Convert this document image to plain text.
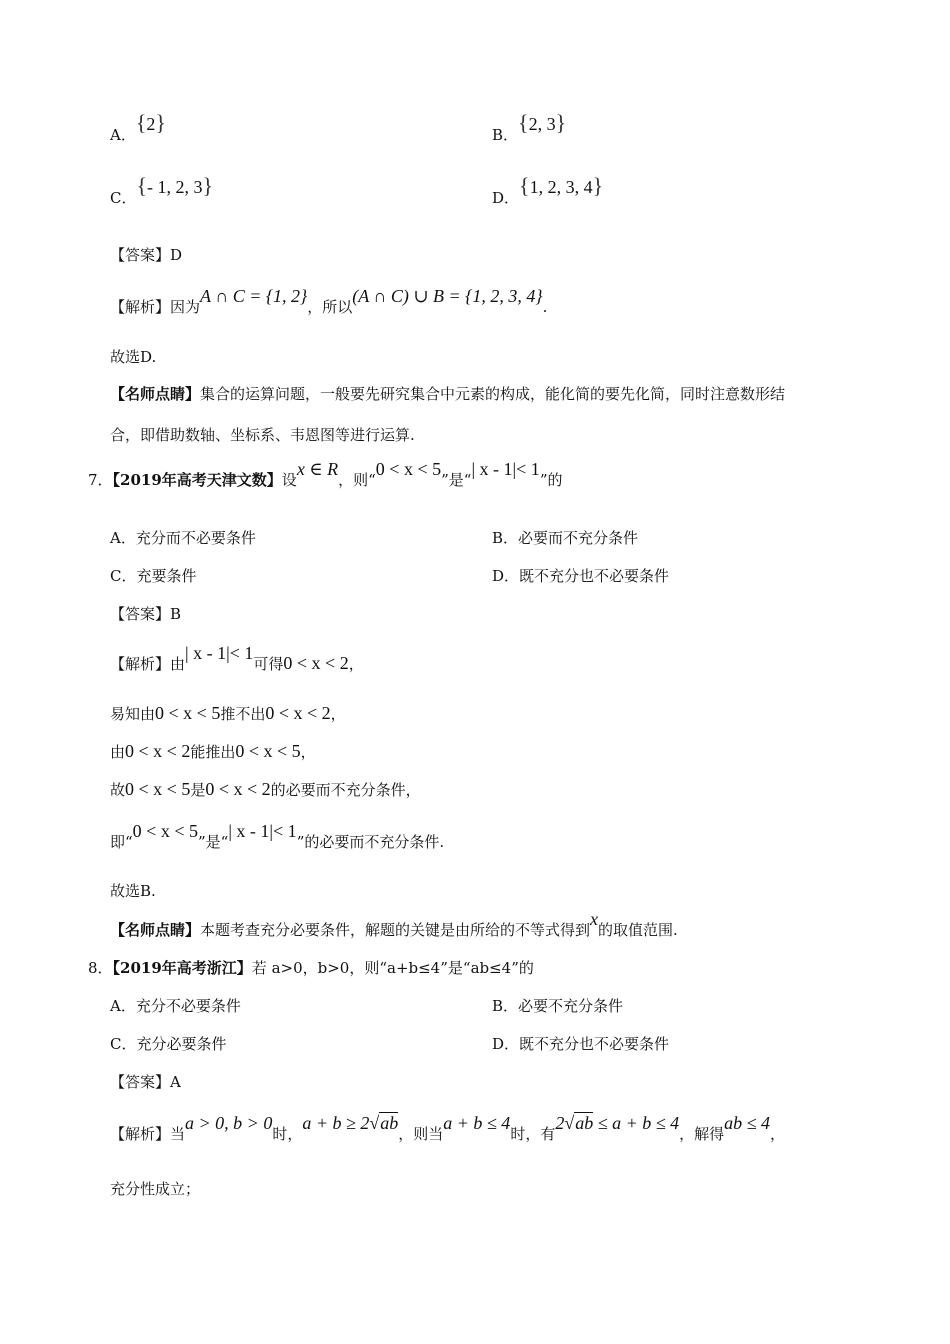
A．{2}	B．{2, 3}
C．{- 1, 2, 3}	D．{1, 2, 3, 4}
【答案】D
【解析】因为A ∩ C = {1, 2}，所以(A ∩ C) ∪ B = {1, 2, 3, 4}.
故选D.
【名师点睛】集合的运算问题，一般要先研究集合中元素的构成，能化简的要先化简，同时注意数形结
合，即借助数轴、坐标系、韦恩图等进行运算.
7．【2019年高考天津文数】设x ∈ R，则“0 < x < 5”是“| x - 1|< 1”的
A．充分而不必要条件	B．必要而不充分条件
C．充要条件	D．既不充分也不必要条件
【答案】B
【解析】由| x - 1|< 1可得0 < x < 2，
易知由0 < x < 5推不出0 < x < 2，
由0 < x < 2能推出0 < x < 5，
故0 < x < 5是0 < x < 2的必要而不充分条件，
即“0 < x < 5”是“| x - 1|< 1”的必要而不充分条件.
故选B.
【名师点睛】本题考查充分必要条件，解题的关键是由所给的不等式得到x的取值范围.
8．【2019年高考浙江】若 a>0，b>0，则“a+b≤4”是“ab≤4”的
A．充分不必要条件	B．必要不充分条件
C．充分必要条件	D．既不充分也不必要条件
【答案】A
【解析】当a > 0, b > 0时，a + b ≥ 2√ab，则当a + b ≤ 4时，有2√ab ≤ a + b ≤ 4，解得ab ≤ 4，
充分性成立；
